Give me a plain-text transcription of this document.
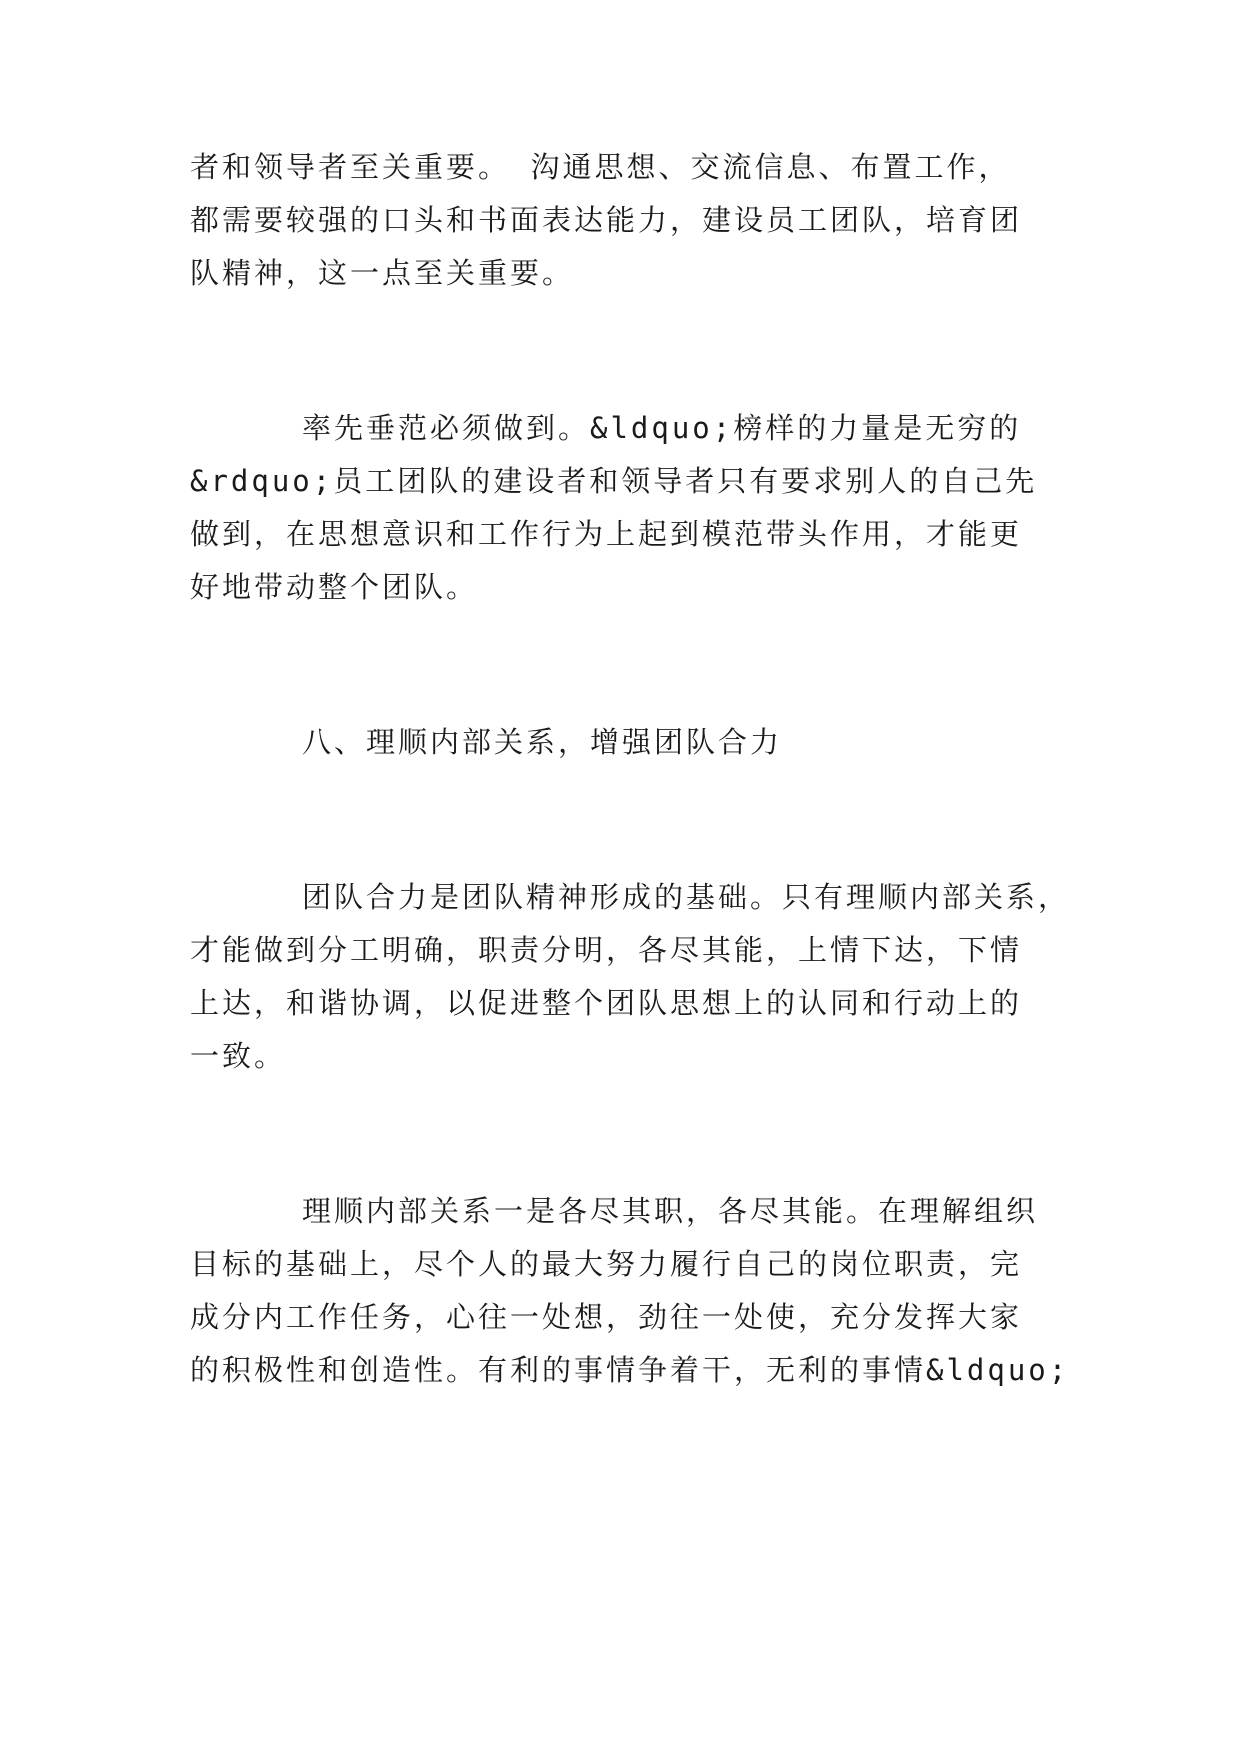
者和领导者至关重要。 沟通思想、交流信息、布置工作，

都需要较强的口头和书面表达能力，建设员工团队，培育团

队精神，这一点至关重要。

率先垂范必须做到。&ldquo;榜样的力量是无穷的

&rdquo;员工团队的建设者和领导者只有要求别人的自己先

做到，在思想意识和工作行为上起到模范带头作用，才能更

好地带动整个团队。

八、理顺内部关系，增强团队合力

团队合力是团队精神形成的基础。只有理顺内部关系，

才能做到分工明确，职责分明，各尽其能，上情下达，下情

上达，和谐协调，以促进整个团队思想上的认同和行动上的

一致。

理顺内部关系一是各尽其职，各尽其能。在理解组织

目标的基础上，尽个人的最大努力履行自己的岗位职责，完

成分内工作任务，心往一处想，劲往一处使，充分发挥大家

的积极性和创造性。有利的事情争着干，无利的事情&ldquo;
